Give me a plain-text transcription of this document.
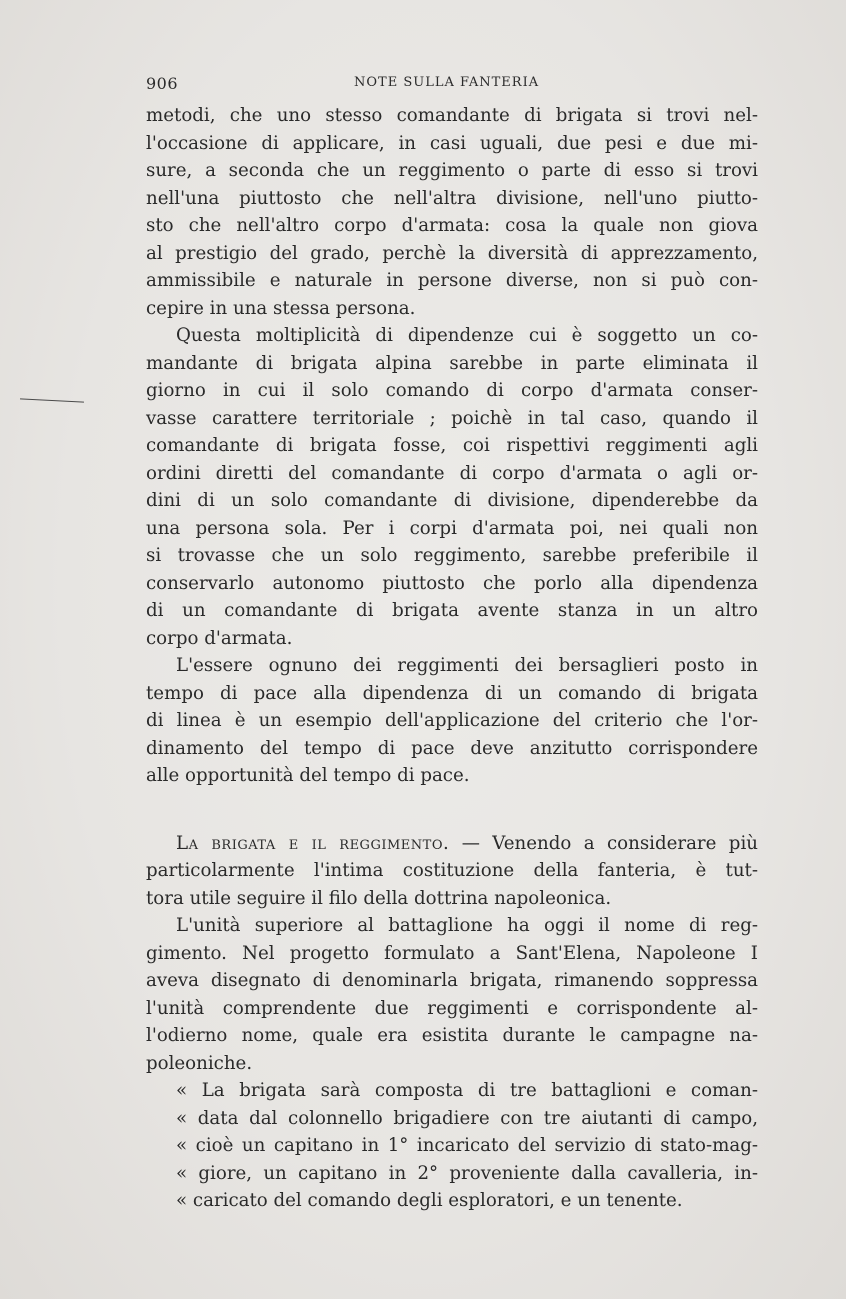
906	NOTE SULLA FANTERIA
metodi, che uno stesso comandante di brigata si trovi nel-
l'occasione di applicare, in casi uguali, due pesi e due mi-
sure, a seconda che un reggimento o parte di esso si trovi
nell'una piuttosto che nell'altra divisione, nell'uno piutto-
sto che nell'altro corpo d'armata: cosa la quale non giova
al prestigio del grado, perchè la diversità di apprezzamento,
ammissibile e naturale in persone diverse, non si può con-
cepire in una stessa persona.
Questa moltiplicità di dipendenze cui è soggetto un co-
mandante di brigata alpina sarebbe in parte eliminata il
giorno in cui il solo comando di corpo d'armata conser-
vasse carattere territoriale ; poichè in tal caso, quando il
comandante di brigata fosse, coi rispettivi reggimenti agli
ordini diretti del comandante di corpo d'armata o agli or-
dini di un solo comandante di divisione, dipenderebbe da
una persona sola. Per i corpi d'armata poi, nei quali non
si trovasse che un solo reggimento, sarebbe preferibile il
conservarlo autonomo piuttosto che porlo alla dipendenza
di un comandante di brigata avente stanza in un altro
corpo d'armata.
L'essere ognuno dei reggimenti dei bersaglieri posto in
tempo di pace alla dipendenza di un comando di brigata
di linea è un esempio dell'applicazione del criterio che l'or-
dinamento del tempo di pace deve anzitutto corrispondere
alle opportunità del tempo di pace.
La brigata e il reggimento. — Venendo a considerare più
particolarmente l'intima costituzione della fanteria, è tut-
tora utile seguire il filo della dottrina napoleonica.
L'unità superiore al battaglione ha oggi il nome di reg-
gimento. Nel progetto formulato a Sant'Elena, Napoleone I
aveva disegnato di denominarla brigata, rimanendo soppressa
l'unità comprendente due reggimenti e corrispondente al-
l'odierno nome, quale era esistita durante le campagne na-
poleoniche.
« La brigata sarà composta di tre battaglioni e coman-
« data dal colonnello brigadiere con tre aiutanti di campo,
« cioè un capitano in 1° incaricato del servizio di stato-mag-
« giore, un capitano in 2° proveniente dalla cavalleria, in-
« caricato del comando degli esploratori, e un tenente.
